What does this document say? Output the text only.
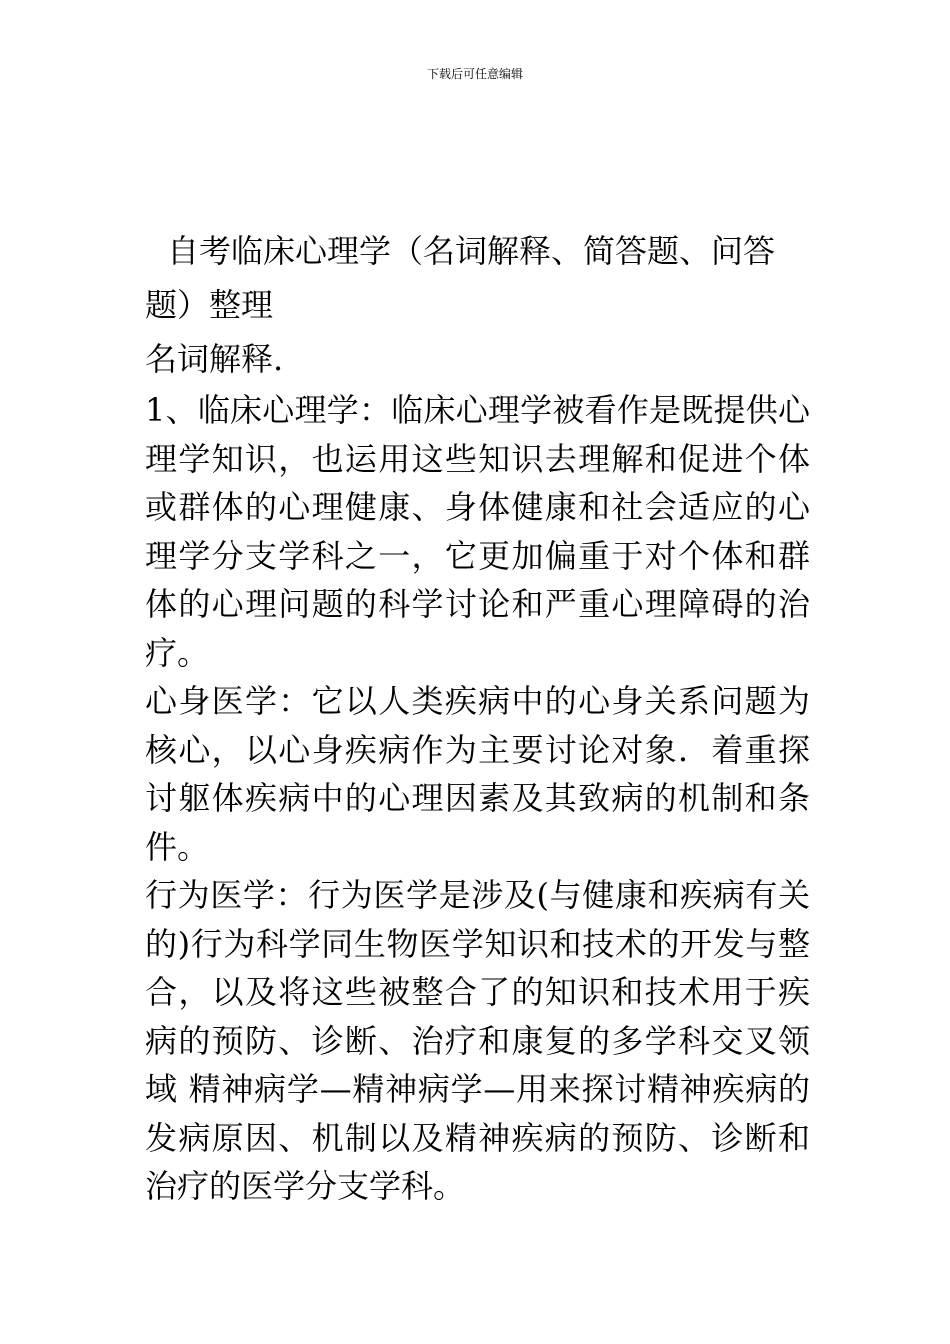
下载后可任意编辑
自考临床心理学（名词解释、简答题、问答题）整理
名词解释.

1、临床心理学：临床心理学被看作是既提供心理学知识，也运用这些知识去理解和促进个体或群体的心理健康、身体健康和社会适应的心理学分支学科之一，它更加偏重于对个体和群体的心理问题的科学讨论和严重心理障碍的治疗。

心身医学：它以人类疾病中的心身关系问题为核心，以心身疾病作为主要讨论对象．着重探讨躯体疾病中的心理因素及其致病的机制和条件。

行为医学：行为医学是涉及(与健康和疾病有关的)行为科学同生物医学知识和技术的开发与整合，以及将这些被整合了的知识和技术用于疾病的预防、诊断、治疗和康复的多学科交叉领域 精神病学—精神病学—用来探讨精神疾病的发病原因、机制以及精神疾病的预防、诊断和治疗的医学分支学科。
